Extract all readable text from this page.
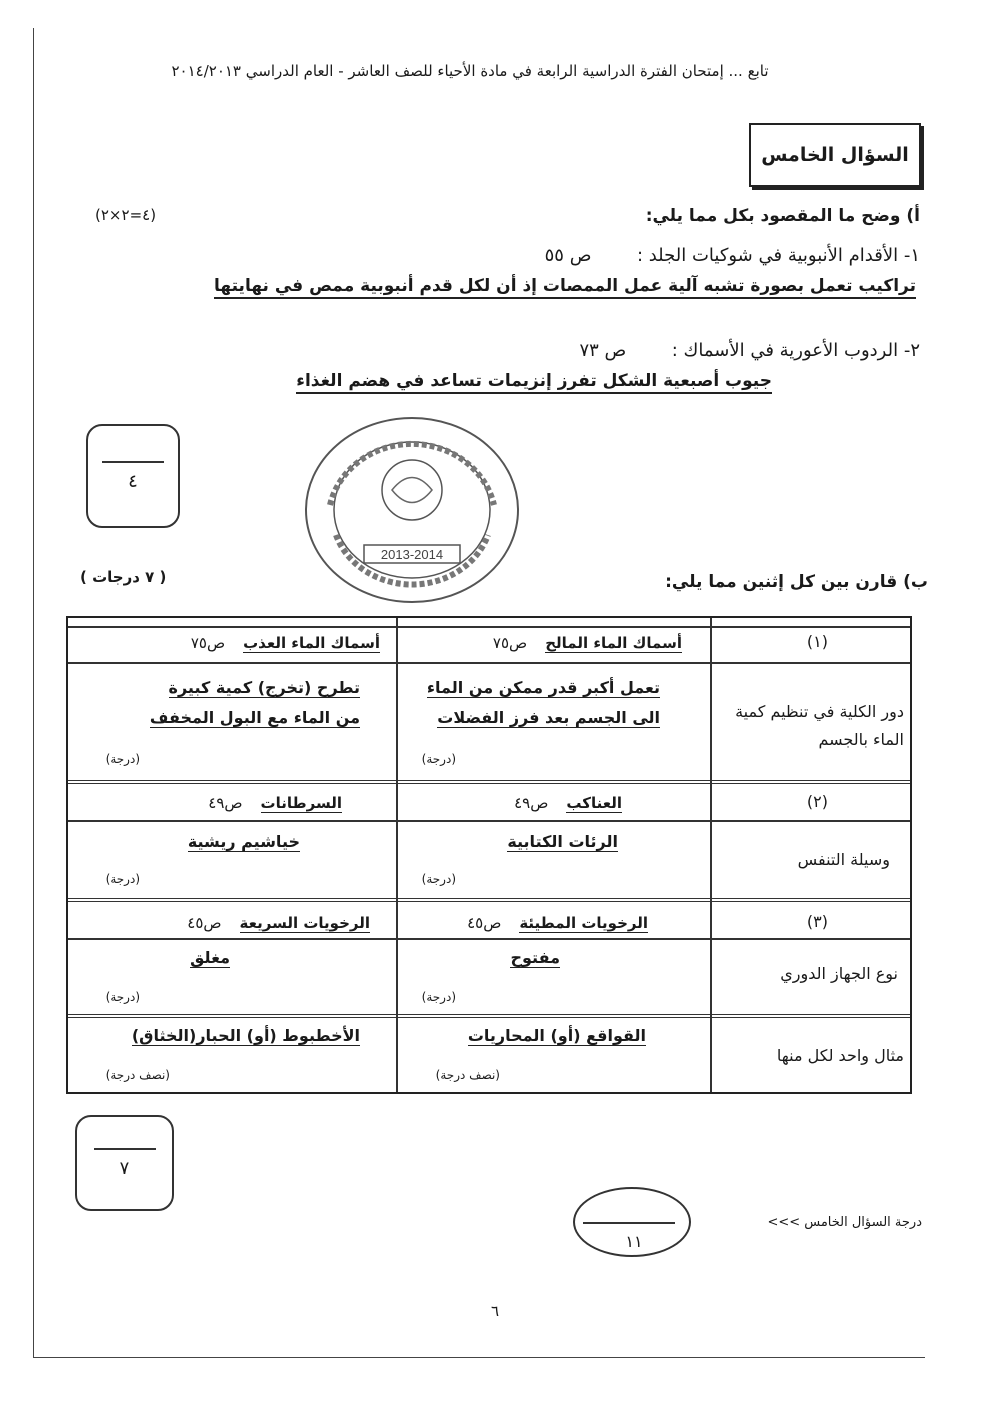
تابع ... إمتحان الفترة الدراسية الرابعة في مادة الأحياء للصف العاشر - العام الدراسي ٢٠١٤/٢٠١٣
السؤال الخامس
أ) وضح ما المقصود بكل مما يلي:
(٤=٢×٢)
١- الأقدام الأنبوبية في شوكيات الجلد :  ص ٥٥
تراكيب تعمل بصورة تشبه آلية عمل الممصات إذ أن لكل قدم أنبوبية ممص في نهايتها
٢- الردوب الأعورية في الأسماك :  ص ٧٣
جيوب أصبعية الشكل تفرز إنزيمات تساعد في هضم الغذاء
٤
2013-2014
ب) قارن بين كل إثنين مما يلي:
( ٧ درجات )
(١)
أسماك الماء المالح
ص٧٥
أسماك الماء العذب
ص٧٥
دور الكلية في تنظيم كمية الماء بالجسم
تعمل أكبر قدر ممكن من الماء
الى الجسم بعد فرز الفضلات
تطرح (تخرج) كمية كبيرة
من الماء مع البول المخفف
(درجة)
(درجة)
(٢)
العناكب
ص٤٩
السرطانات
ص٤٩
وسيلة التنفس
الرئات الكتابية
خياشيم ريشية
(درجة)
(درجة)
(٣)
الرخويات المطيئة
ص٤٥
الرخويات السريعة
ص٤٥
نوع الجهاز الدوري
مفتوح
مغلق
(درجة)
(درجة)
مثال واحد لكل منها
القواقع (أو) المحاريات
الأخطبوط (أو) الحبار(الخثاق)
(نصف درجة)
(نصف درجة)
٧
درجة السؤال الخامس >>>
١١
٦
